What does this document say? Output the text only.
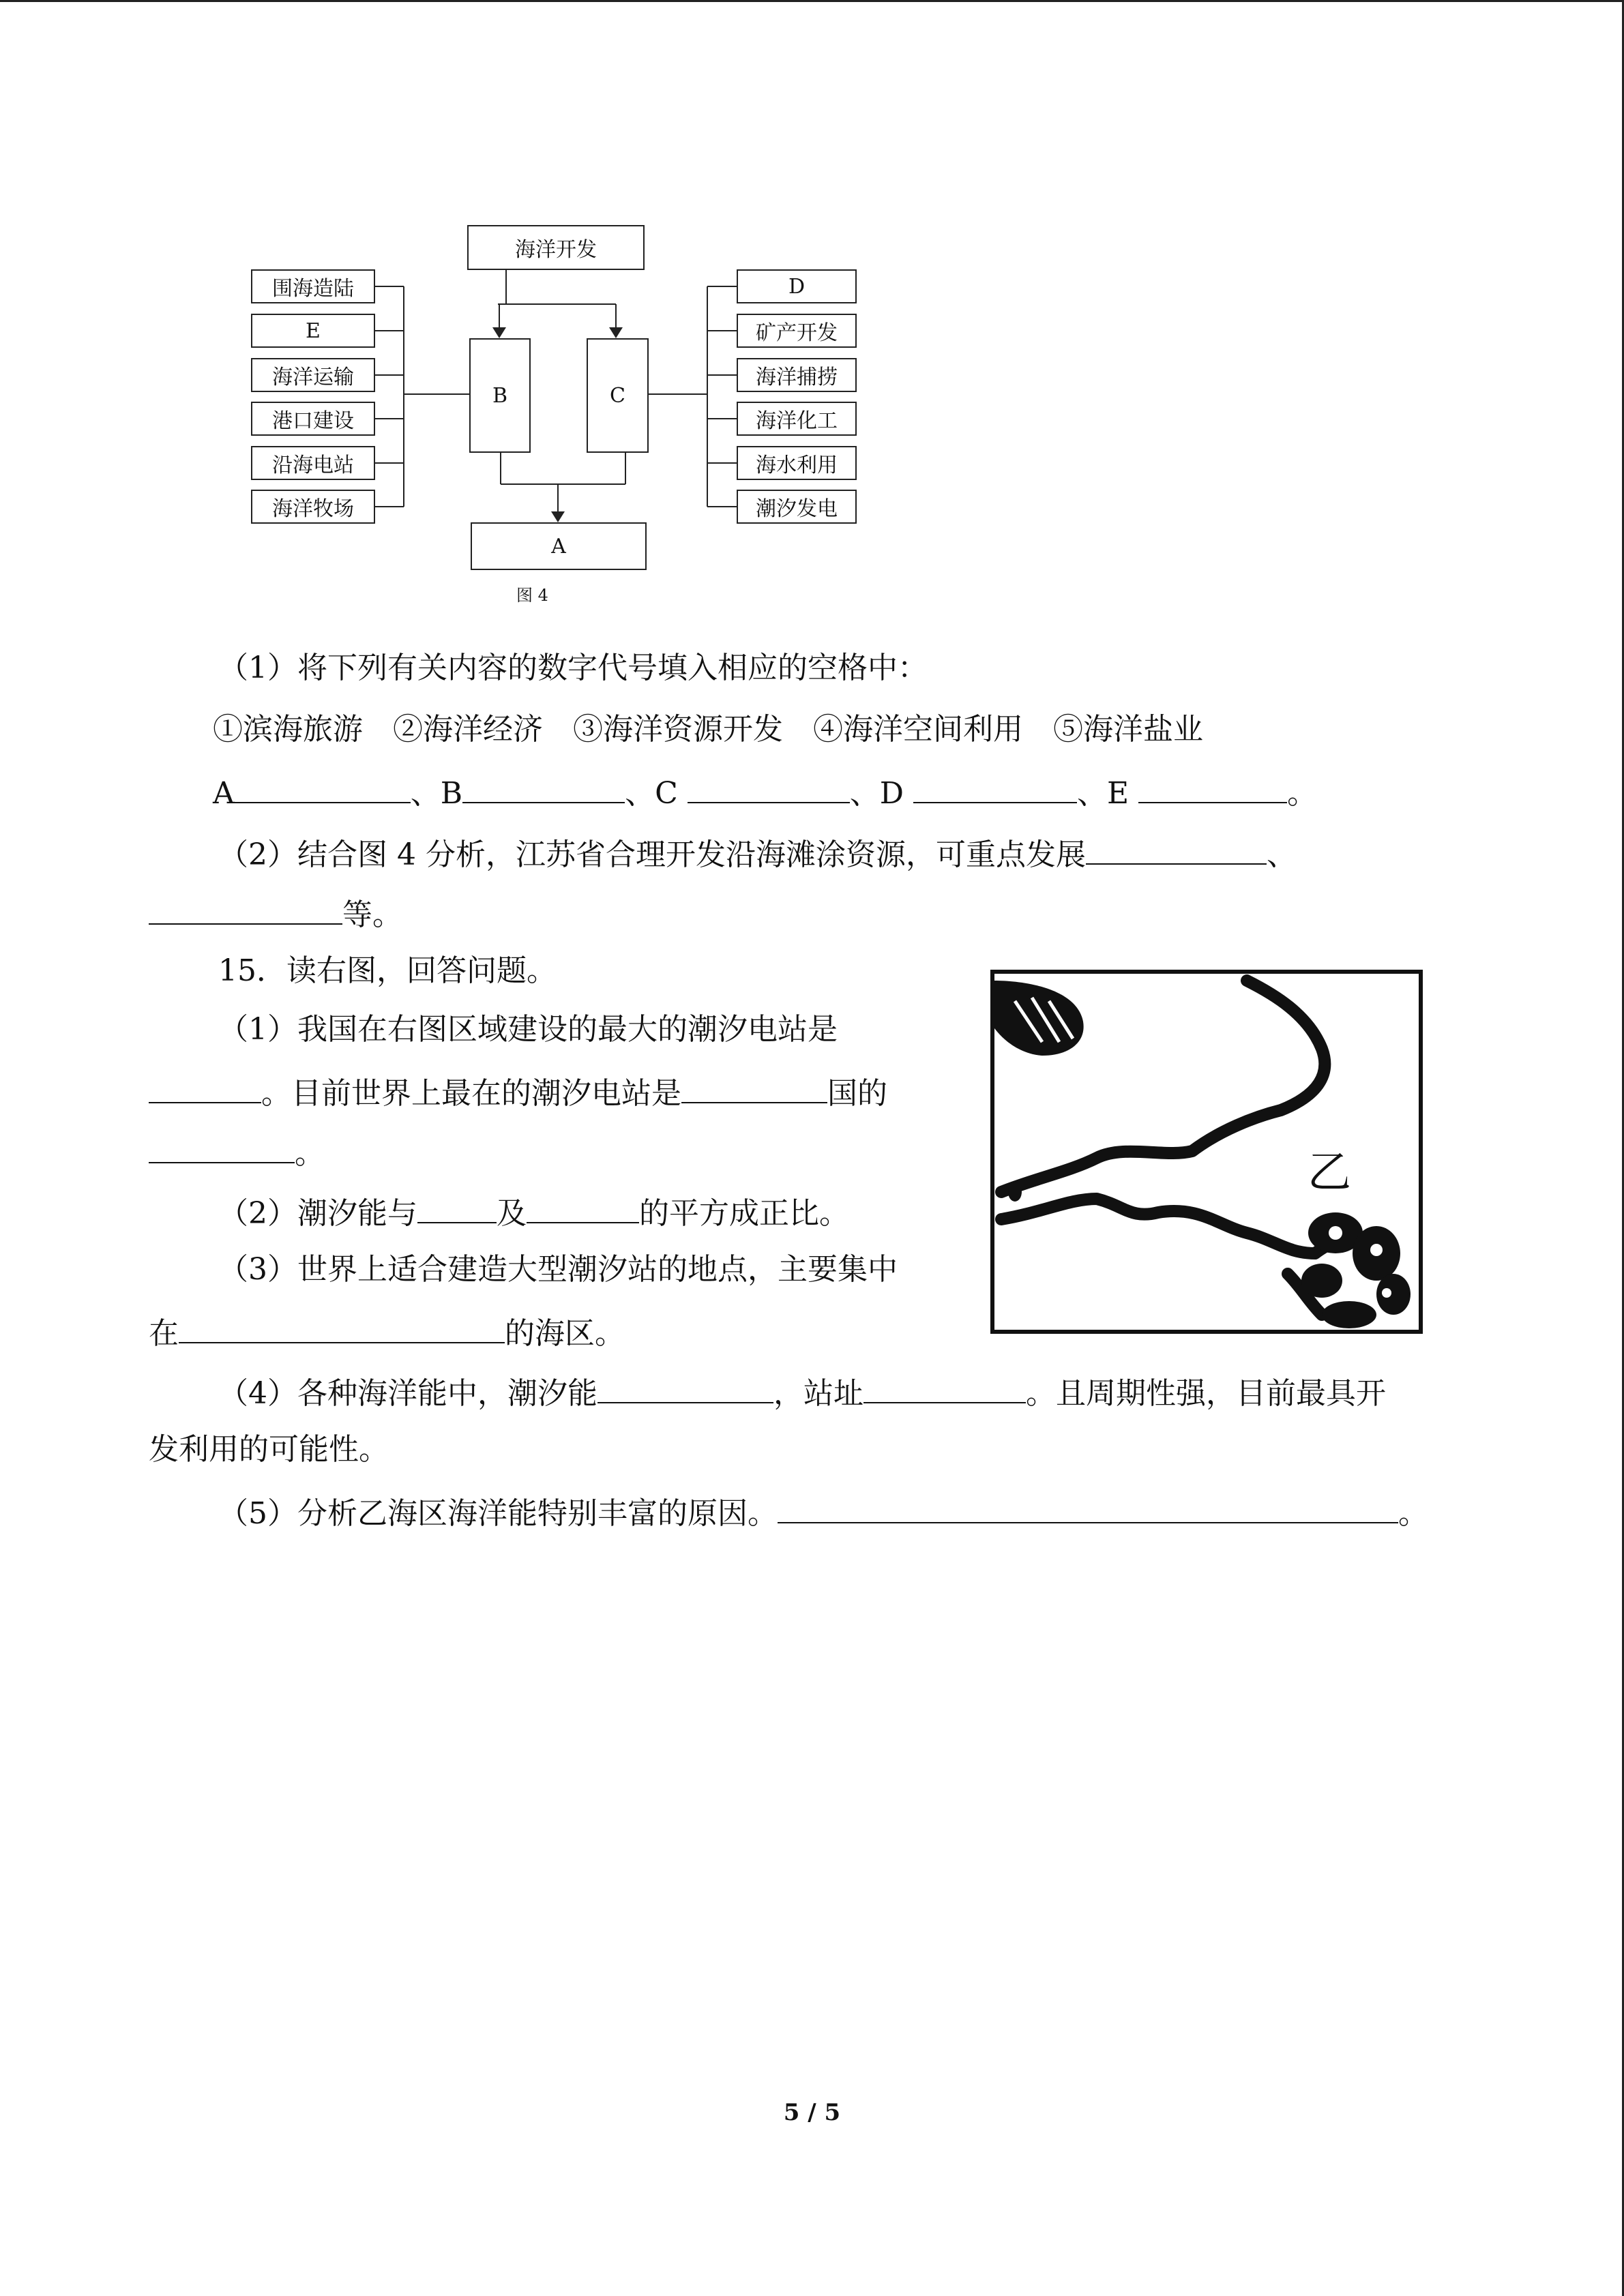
海洋开发
围海造陆
E
海洋运输
港口建设
沿海电站
海洋牧场
B	C
D
矿产开发
海洋捕捞
海洋化工
海水利用
潮汐发电
A
图 4
（1）将下列有关内容的数字代号填入相应的空格中：
①滨海旅游　②海洋经济　③海洋资源开发　④海洋空间利用　⑤海洋盐业
A	、B	、C	、D	、E	。
（2）结合图 4 分析，江苏省合理开发沿海滩涂资源，可重点发展	、
等。
15．读右图，回答问题。
（1）我国在右图区域建设的最大的潮汐电站是
。目前世界上最在的潮汐电站是	国的
。
（2）潮汐能与	及	的平方成正比。
（3）世界上适合建造大型潮汐站的地点，主要集中
在	的海区。
（4）各种海洋能中，潮汐能	，站址	。且周期性强，目前最具开
发利用的可能性。
（5）分析乙海区海洋能特别丰富的原因。	。
乙
5 / 5
